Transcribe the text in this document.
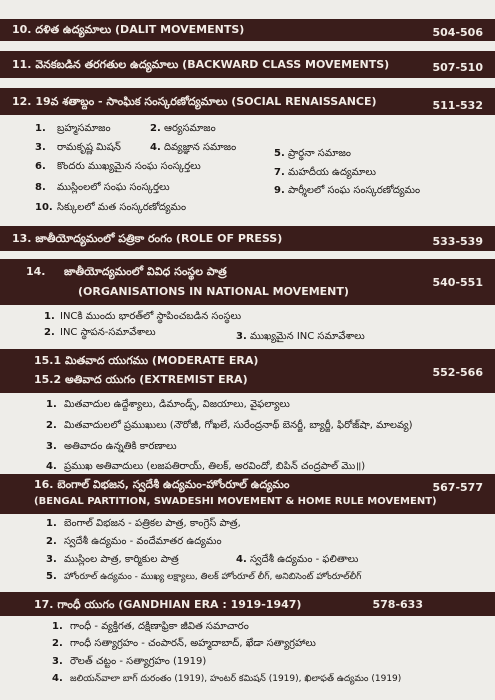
10. దళిత ఉద్యమాలు (DALIT MOVEMENTS)	504-506
11. వెనకబడిన తరగతుల ఉద్యమాలు (BACKWARD CLASS MOVEMENTS)	507-510
12. 19వ శతాబ్దం - సాంఘిక సంస్కరణోద్యమాలు (SOCIAL RENAISSANCE)	511-532
1. బ్రహ్మసమాజం	2. ఆర్యసమాజం
3. రామకృష్ణ మిషన్	4. దివ్యజ్ఞాన సమాజం
5. ప్రార్థనా సమాజం
6. కొందరు ముఖ్యమైన సంఘ సంస్కర్తలు
7. మహదీయ ఉద్యమాలు
8. ముస్లింలలో సంఘ సంస్కర్తలు	9. పార్శీలలో సంఘ సంస్కరణోద్యమం
10. సిక్కులలో మత సంస్కరణోద్యమం
13. జాతీయోద్యమంలో పత్రికా రంగం (ROLE OF PRESS)	533-539
14. జాతీయోద్యమంలో వివిధ సంస్థల పాత్ర
(ORGANISATIONS IN NATIONAL MOVEMENT)
540-551
1. INCకి ముందు భారత్‌లో స్థాపించబడిన సంస్థలు
2. INC స్థాపన-సమావేశాలు	3. ముఖ్యమైన INC సమావేశాలు
15.1 మితవాద యుగము (MODERATE ERA)
15.2 అతివాద యుగం (EXTREMIST ERA)
552-566
1. మితవాదుల ఉద్దేశ్యాలు, డిమాండ్స్, విజయాలు, వైఫల్యాలు
2. మితవాదులలో ప్రముఖులు (నౌరోజీ, గోఖలే, సురేంద్రనాథ్ బెనర్జీ, బ్యార్జీ, ఫిరోజ్‌షా, మాలవ్య)
3. అతివాదం ఉన్నతికి కారణాలు
4. ప్రముఖ అతివాదులు (లజపతిరాయ్, తిలక్, అరవిందో, బిపిన్ చంద్రపాల్ మొ॥)
16. బెంగాల్ విభజన, స్వదేశీ ఉద్యమం-హోంరూల్ ఉద్యమం
(BENGAL PARTITION, SWADESHI MOVEMENT & HOME RULE MOVEMENT)
567-577
1. బెంగాల్ విభజన - పత్రికల పాత్ర, కాంగ్రెస్ పాత్ర,
2. స్వదేశీ ఉద్యమం - వందేమాతర ఉద్యమం
3. ముస్లింల పాత్ర, కార్మికుల పాత్ర	4. స్వదేశీ ఉద్యమం - ఫలితాలు
5. హోంరూల్ ఉద్యమం - ముఖ్య లక్ష్యాలు, తిలక్ హోంరూల్ లీగ్, అనిబిసెంట్ హోంరూల్‌లీగ్
17. గాంధీ యుగం (GANDHIAN ERA : 1919-1947)	578-633
1. గాంధీ - వ్యక్తిగత, దక్షిణాఫ్రికా జీవిత సమాచారం
2. గాంధీ సత్యాగ్రహం - చంపారన్, అహ్మదాబాద్, ఖేడా సత్యాగ్రహాలు
3. రౌలత్ చట్టం - సత్యాగ్రహం (1919)
4. జలియన్‌వాలా బాగ్ దురంతం (1919), హంటర్ కమిషన్ (1919), ఖిలాఫత్ ఉద్యమం (1919)
